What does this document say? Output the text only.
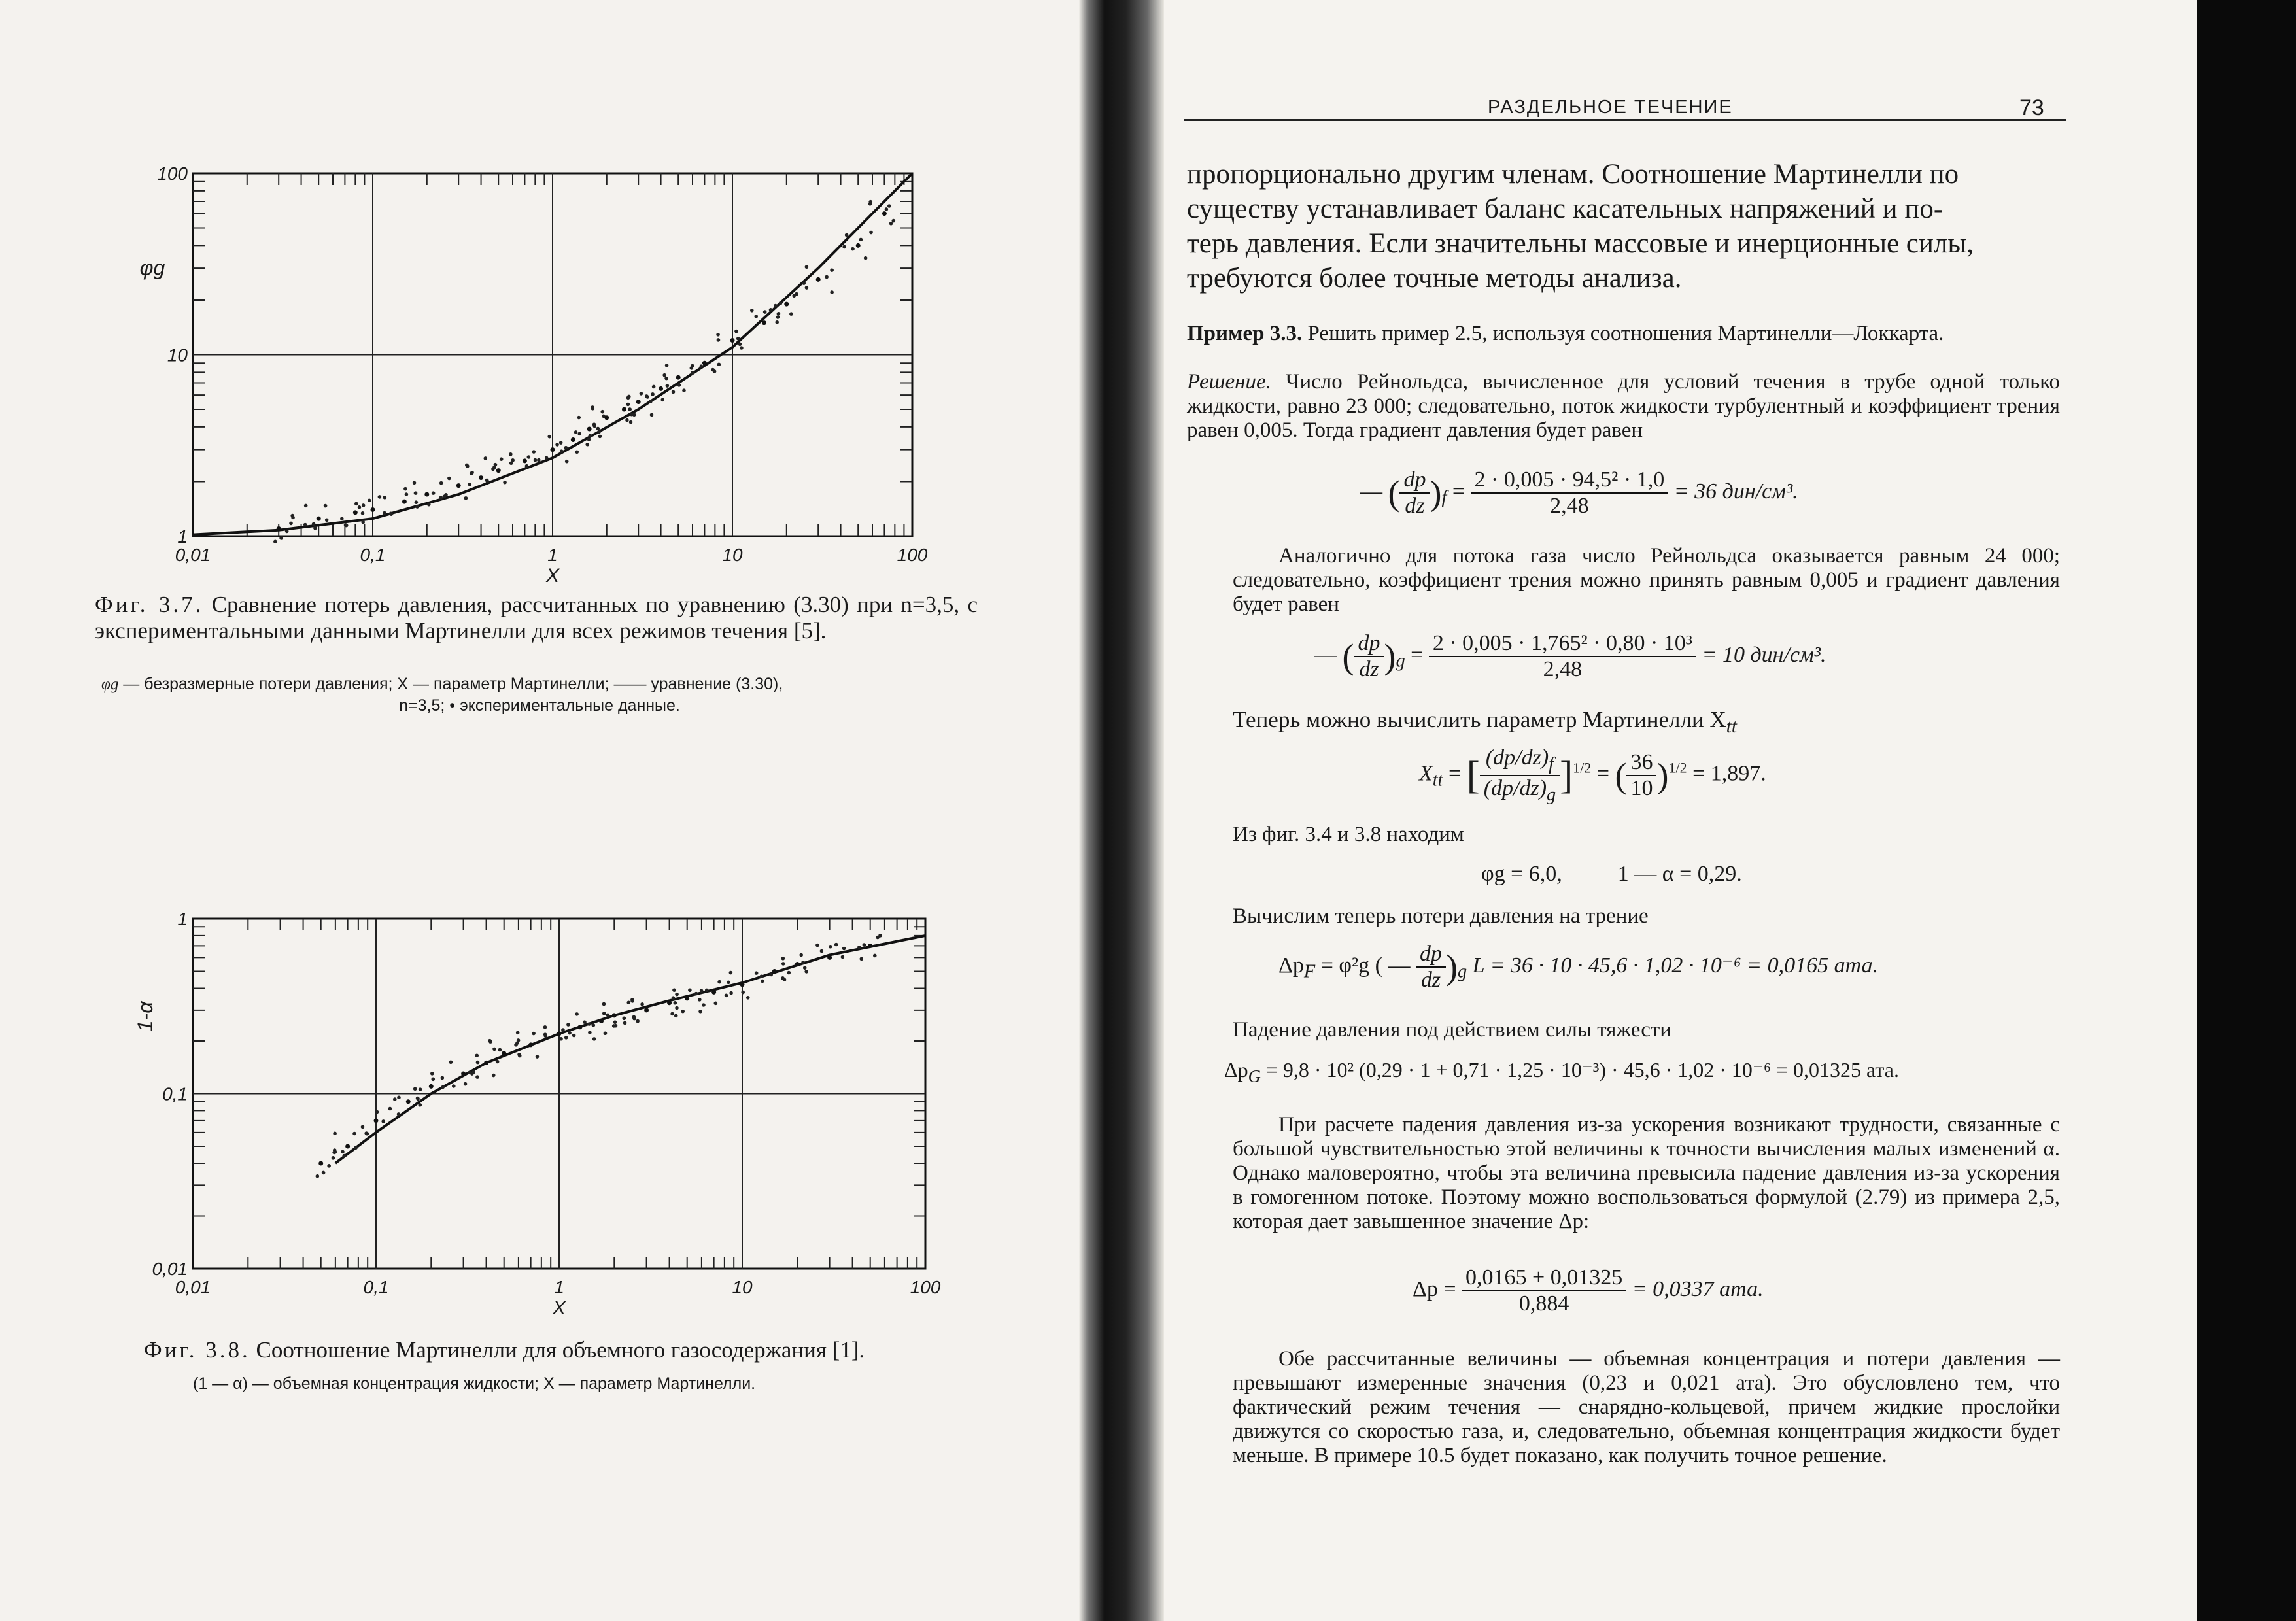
0,01	0,1	1	10	100
100
10
1
X
φg
Фиг. 3.7. Сравнение потерь давления, рассчитанных по уравнению (3.30) при n=3,5, с экспериментальными данными Мартинелли для всех режимов течения [5].
φg — безразмерные потери давления; X — параметр Мартинелли; —— уравнение (3.30),
n=3,5; • экспериментальные данные.
0,01	0,1	1	10	100
1
0,1
0,01
X
1-α
Фиг. 3.8. Соотношение Мартинелли для объемного газосодержания [1].
(1 — α) — объемная концентрация жидкости; X — параметр Мартинелли.
РАЗДЕЛЬНОЕ ТЕЧЕНИЕ	73
пропорционально другим членам. Соотношение Мартинелли по
существу устанавливает баланс касательных напряжений и по-
терь давления. Если значительны массовые и инерционные силы,
требуются более точные методы анализа.
Пример 3.3. Решить пример 2.5, используя соотношения Мартинелли—Локкарта.
Решение. Число Рейнольдса, вычисленное для условий течения в трубе одной только жидкости, равно 23 000; следовательно, поток жидкости турбулентный и коэффициент трения равен 0,005. Тогда градиент давления будет равен
— ( $\frac{dp}{dz} )_f = \frac{\text{2 · 0,005 · 94,5² · 1,0}}{2,48} = 36$ дин/см³.
Аналогично для потока газа число Рейнольдса оказывается равным 24 000; следовательно, коэффициент трения можно принять равным 0,005 и градиент давления будет равен
— ( $\frac{dp}{dz} )_g = \frac{\text{2 · 0,005 · 1,765² · 0,80 · 10³}}{2,48} = 10$ дин/см³.
Теперь можно вычислить параметр Мартинелли $X_{tt}$
$X_{tt}$ = [ $\frac{(dp/dz)_f}{(dp/dz)_g} ]^{1/2}$ = ( $\frac{36}{10} )^{1/2} = 1,897$.
Из фиг. 3.4 и 3.8 находим
φg = 6,0,          1 — α = 0,29.
Вычислим теперь потери давления на трение
$\Delta p_F = \varphi^2g$ ( — $\frac{dp}{dz} )_g$ L = 36 · 10 · 45,6 · 1,02 · 10⁻⁶ = 0,0165 ата.
Падение давления под действием силы тяжести
$\Delta p_G = 9,8 \cdot 10^2$ (0,29 · 1 + 0,71 · 1,25 · 10⁻³) · 45,6 · 1,02 · 10⁻⁶ = 0,01325 ата.
При расчете падения давления из-за ускорения возникают трудности, связанные с большой чувствительностью этой величины к точности вычисления малых изменений α. Однако маловероятно, чтобы эта величина превысила падение давления из-за ускорения в гомогенном потоке. Поэтому можно воспользоваться формулой (2.79) из примера 2,5, которая дает завышенное значение Δp:
$\Delta p = \frac{0,0165 + 0,01325}{0,884} = 0,0337$ ата.
Обе рассчитанные величины — объемная концентрация и потери давления — превышают измеренные значения (0,23 и 0,021 ата). Это обусловлено тем, что фактический режим течения — снарядно-кольцевой, причем жидкие прослойки движутся со скоростью газа, и, следовательно, объемная концентрация жидкости будет меньше. В примере 10.5 будет показано, как получить точное решение.
